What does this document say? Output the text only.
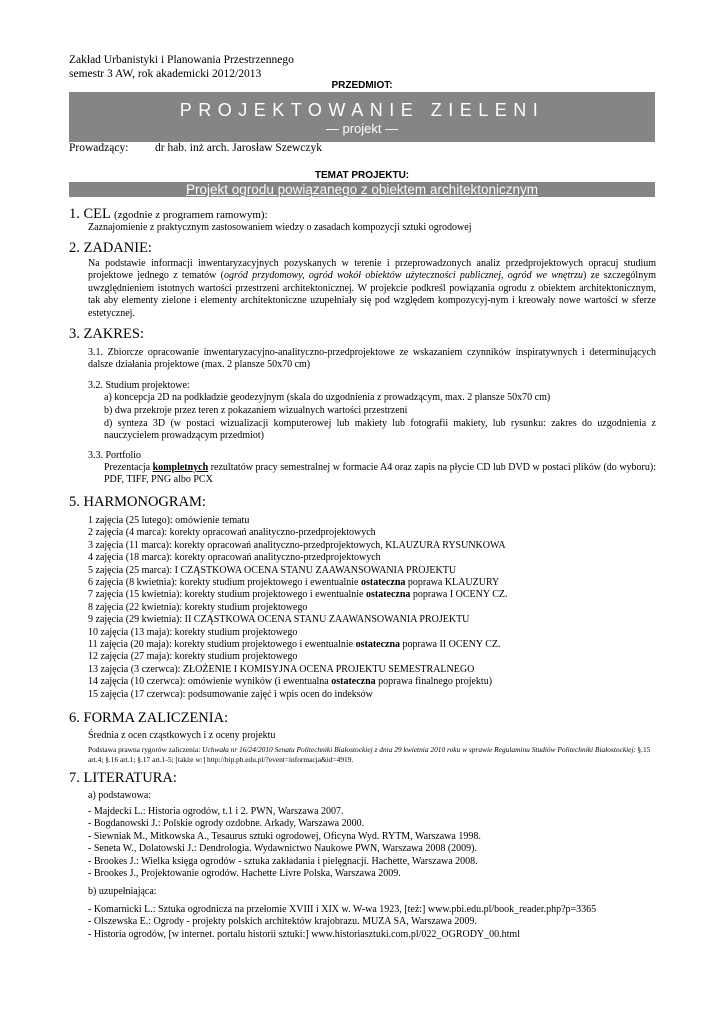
Zakład Urbanistyki i Planowania Przestrzennego
semestr 3 AW, rok akademicki 2012/2013
PRZEDMIOT:
PROJEKTOWANIE ZIELENI
— projekt —
Prowadzący: dr hab. inż arch. Jarosław Szewczyk
TEMAT PROJEKTU:
Projekt ogrodu powiązanego z obiektem architektonicznym
1. CEL (zgodnie z programem ramowym):
Zaznajomienie z praktycznym zastosowaniem wiedzy o zasadach kompozycji sztuki ogrodowej
2. ZADANIE:
Na podstawie informacji inwentaryzacyjnych pozyskanych w terenie i przeprowadzonych analiz przedprojektowych opracuj studium projektowe jednego z tematów (ogród przydomowy, ogród wokół obiektów użyteczności publicznej, ogród we wnętrzu) ze szczególnym uwzględnieniem istotnych wartości przestrzeni architektonicznej. W projekcie podkreśl powiązania ogrodu z obiektem architektonicznym, tak aby elementy zielone i elementy architektoniczne uzupełniały się pod względem kompozycyj-nym i kreowały nowe wartości w sferze estetycznej.
3. ZAKRES:
3.1. Zbiorcze opracowanie inwentaryzacyjno-analityczno-przedprojektowe ze wskazaniem czynników inspiratywnych i determinujących dalsze działania projektowe (max. 2 plansze 50x70 cm)
3.2. Studium projektowe:
a) koncepcja 2D na podkładzie geodezyjnym (skala do uzgodnienia z prowadzącym, max. 2 plansze 50x70 cm)
b) dwa przekroje przez teren z pokazaniem wizualnych wartości przestrzeni
d) synteza 3D (w postaci wizualizacji komputerowej lub makiety lub fotografii makiety, lub rysunku: zakres do uzgodnienia z nauczycielem prowadzącym przedmiot)
3.3. Portfolio
Prezentacja kompletnych rezultatów pracy semestralnej w formacie A4 oraz zapis na płycie CD lub DVD w postaci plików (do wyboru): PDF, TIFF, PNG albo PCX
5. HARMONOGRAM:
1 zajęcia (25 lutego): omówienie tematu
2 zajęcia (4 marca): korekty opracowań analityczno-przedprojektowych
3 zajęcia (11 marca): korekty opracowań analityczno-przedprojektowych, KLAUZURA RYSUNKOWA
4 zajęcia (18 marca): korekty opracowań analityczno-przedprojektowych
5 zajęcia (25 marca): I CZĄSTKOWA OCENA STANU ZAAWANSOWANIA PROJEKTU
6 zajęcia (8 kwietnia): korekty studium projektowego i ewentualnie ostateczna poprawa KLAUZURY
7 zajęcia (15 kwietnia): korekty studium projektowego i ewentualnie ostateczna poprawa I OCENY CZ.
8 zajęcia (22 kwietnia): korekty studium projektowego
9 zajęcia (29 kwietnia): II CZĄSTKOWA OCENA STANU ZAAWANSOWANIA PROJEKTU
10 zajęcia (13 maja): korekty studium projektowego
11 zajęcia (20 maja): korekty studium projektowego i ewentualnie ostateczna poprawa II OCENY CZ.
12 zajęcia (27 maja): korekty studium projektowego
13 zajęcia (3 czerwca): ZŁOŻENIE I KOMISYJNA OCENA PROJEKTU SEMESTRALNEGO
14 zajęcia (10 czerwca): omówienie wyników (i ewentualna ostateczna poprawa finalnego projektu)
15 zajęcia (17 czerwca): podsumowanie zajęć i wpis ocen do indeksów
6. FORMA ZALICZENIA:
Średnia z ocen cząstkowych i z oceny projektu
Podstawa prawna rygorów zaliczenia: Uchwała nr 16/24/2010 Senatu Politechniki Białostockiej z dnia 29 kwietnia 2010 roku w sprawie Regulaminu Studiów Politechniki Białostockiej: §.15 art.4; §.16 art.1; §.17 art.1-5; [także w:] http://bip.pb.edu.pl/?event=informacja&id=4919.
7. LITERATURA:
a) podstawowa:
- Majdecki L.: Historia ogrodów, t.1 i 2. PWN, Warszawa 2007.
- Bogdanowski J.: Polskie ogrody ozdobne. Arkady, Warszawa 2000.
- Siewniak M., Mitkowska A., Tesaurus sztuki ogrodowej, Oficyna Wyd. RYTM, Warszawa 1998.
- Seneta W., Dolatowski J.: Dendrologia. Wydawnictwo Naukowe PWN, Warszawa 2008 (2009).
- Brookes J.: Wielka księga ogrodów - sztuka zakładania i pielęgnacji. Hachette, Warszawa 2008.
- Brookes J., Projektowanie ogrodów. Hachette Livre Polska, Warszawa 2009.
b) uzupełniająca:
- Komarnicki L.: Sztuka ogrodnicza na przełomie XVIII i XIX w. W-wa 1923, [też:] www.pbi.edu.pl/book_reader.php?p=3365
- Olszewska E.: Ogrody - projekty polskich architektów krajobrazu. MUZA SA, Warszawa 2009.
- Historia ogrodów, [w internet. portalu historii sztuki:] www.historiasztuki.com.pl/022_OGRODY_00.html
